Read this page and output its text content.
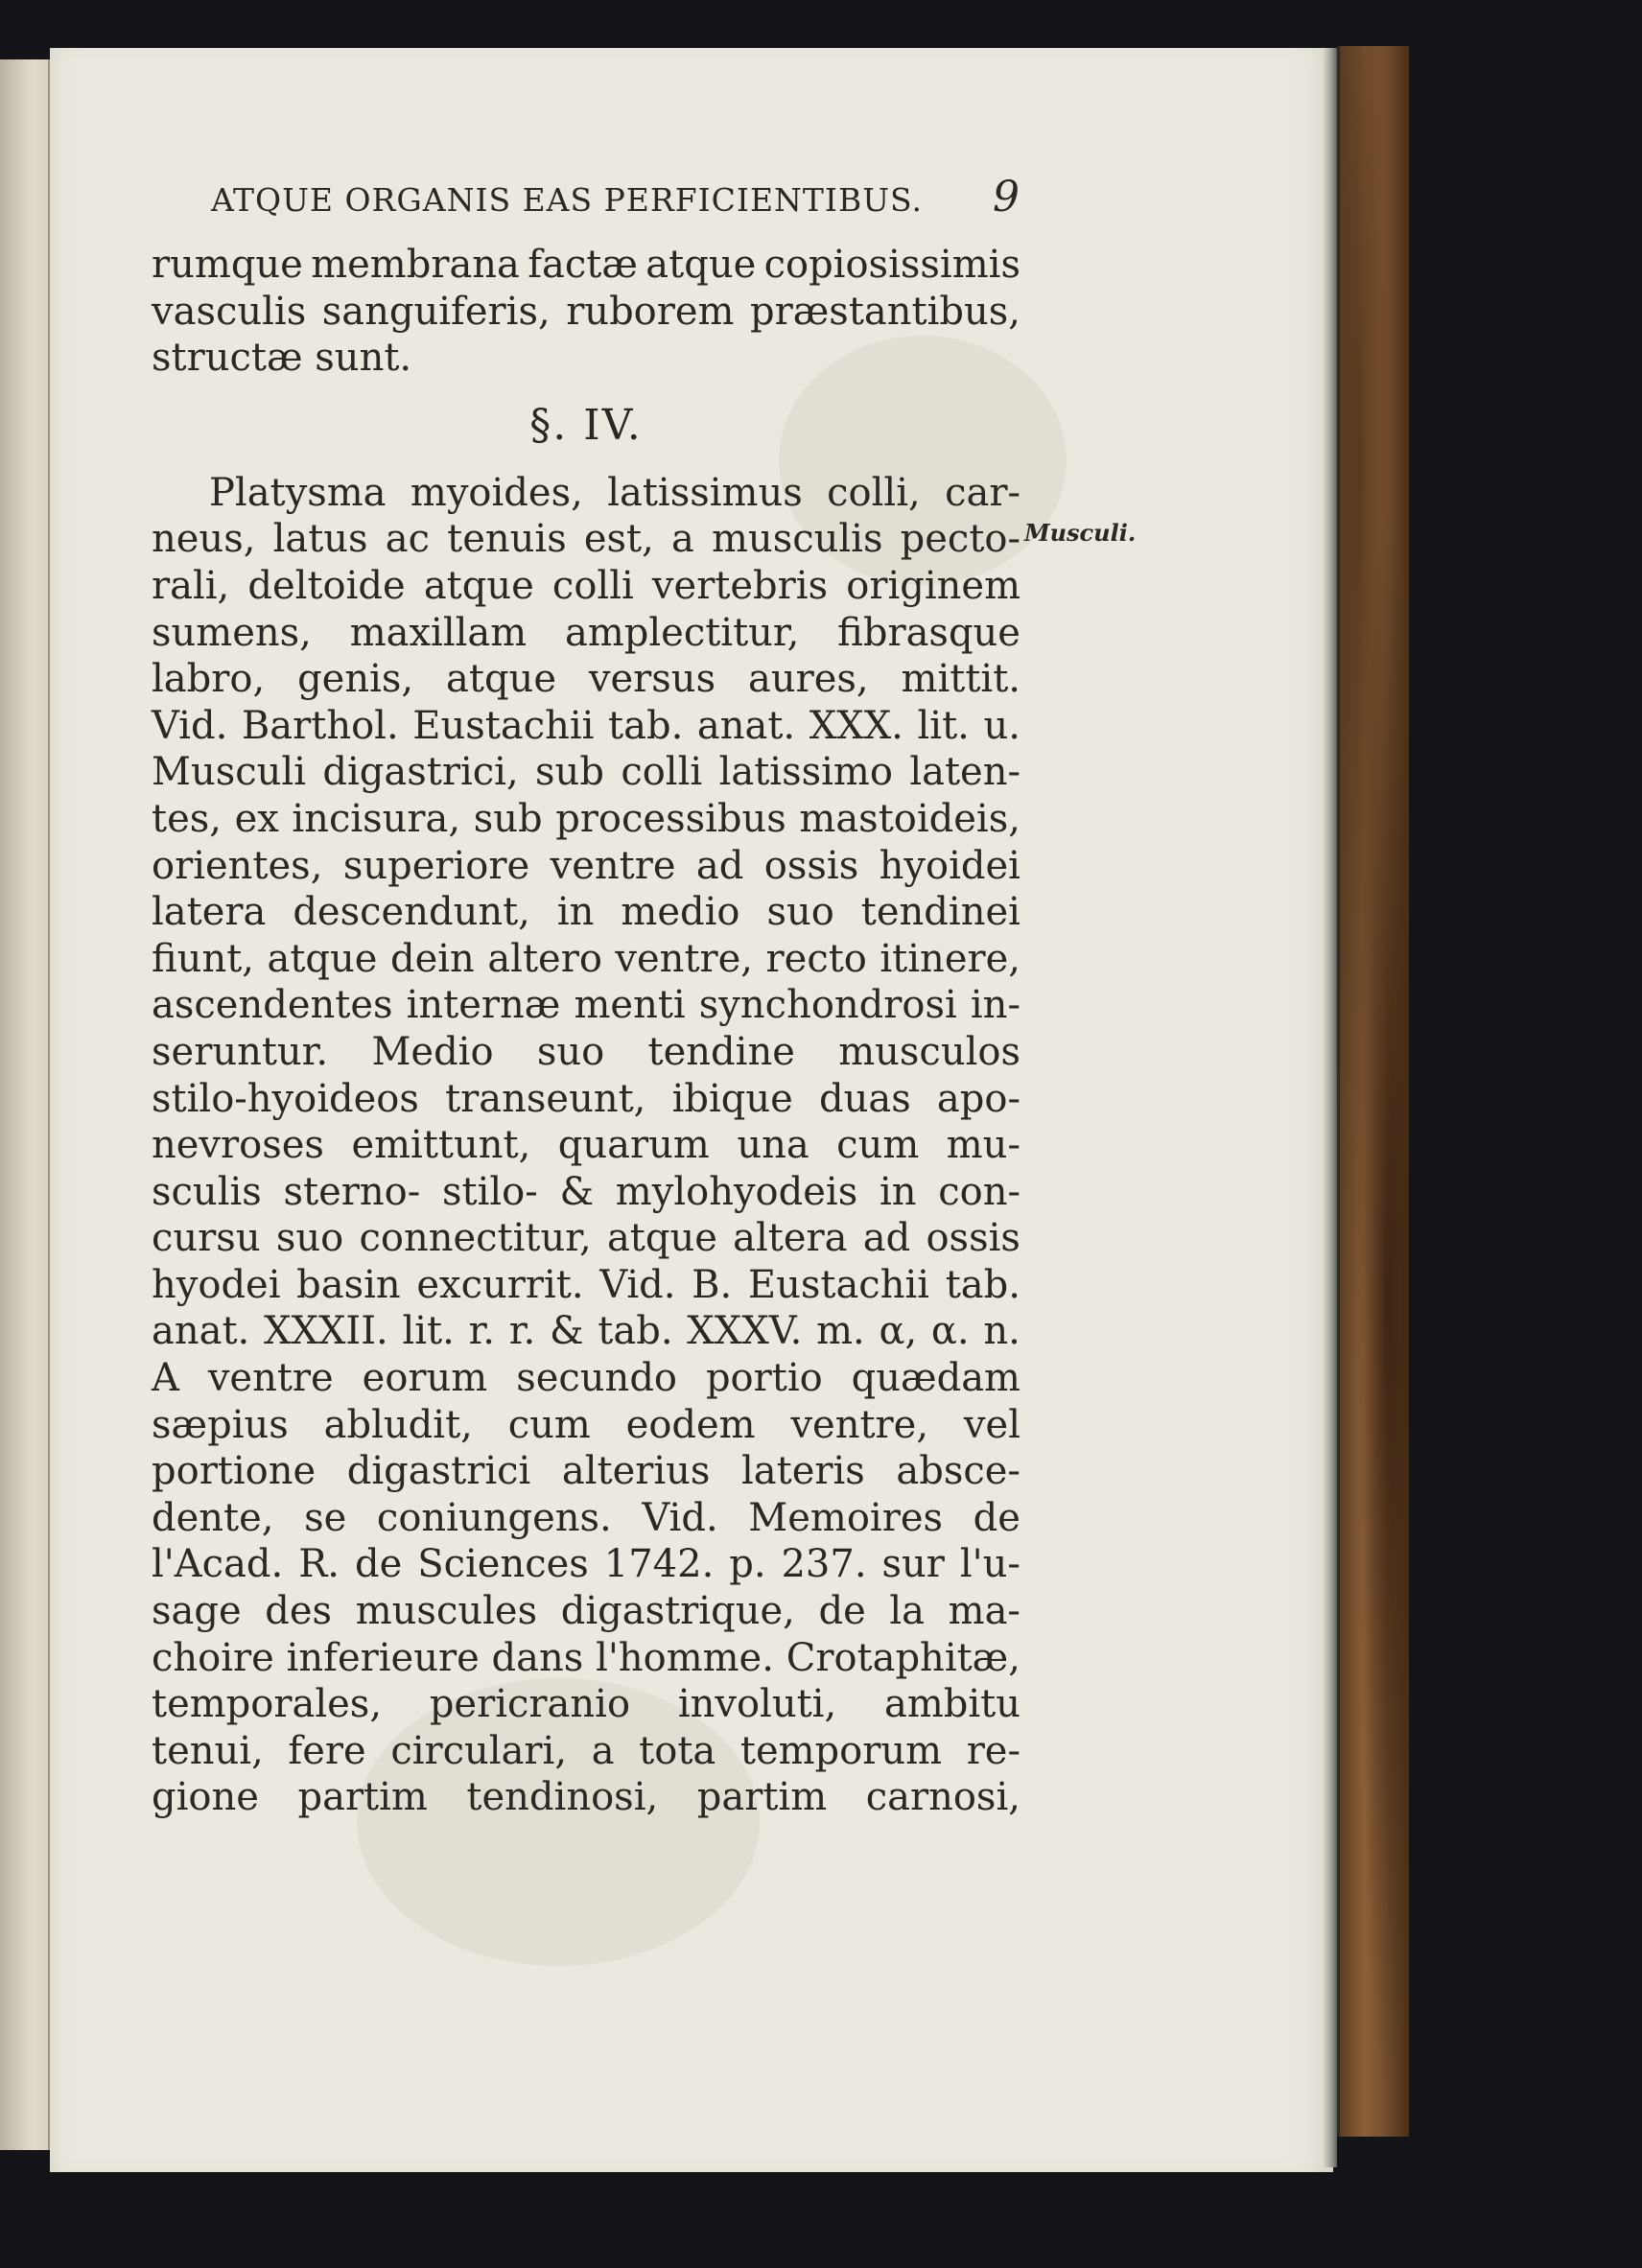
ATQUE ORGANIS EAS PERFICIENTIBUS. 9
rumque membrana factæ atque copiosissimis
vasculis sanguiferis, ruborem præstantibus,
structæ sunt.
§. IV.
Platysma myoides, latissimus colli, car-
neus, latus ac tenuis est, a musculis pecto-
rali, deltoide atque colli vertebris originem
sumens, maxillam amplectitur, fibrasque
labro, genis, atque versus aures, mittit.
Vid. Barthol. Eustachii tab. anat. XXX. lit. u.
Musculi digastrici, sub colli latissimo laten-
tes, ex incisura, sub processibus mastoideis,
orientes, superiore ventre ad ossis hyoidei
latera descendunt, in medio suo tendinei
fiunt, atque dein altero ventre, recto itinere,
ascendentes internæ menti synchondrosi in-
seruntur. Medio suo tendine musculos
stilo-hyoideos transeunt, ibique duas apo-
nevroses emittunt, quarum una cum mu-
sculis sterno- stilo- & mylohyodeis in con-
cursu suo connectitur, atque altera ad ossis
hyodei basin excurrit. Vid. B. Eustachii tab.
anat. XXXII. lit. r. r. & tab. XXXV. m. α, α. n.
A ventre eorum secundo portio quædam
sæpius abludit, cum eodem ventre, vel
portione digastrici alterius lateris absce-
dente, se coniungens. Vid. Memoires de
l'Acad. R. de Sciences 1742. p. 237. sur l'u-
sage des muscules digastrique, de la ma-
choire inferieure dans l'homme. Crotaphitæ,
temporales, pericranio involuti, ambitu
tenui, fere circulari, a tota temporum re-
gione partim tendinosi, partim carnosi,
Musculi.
